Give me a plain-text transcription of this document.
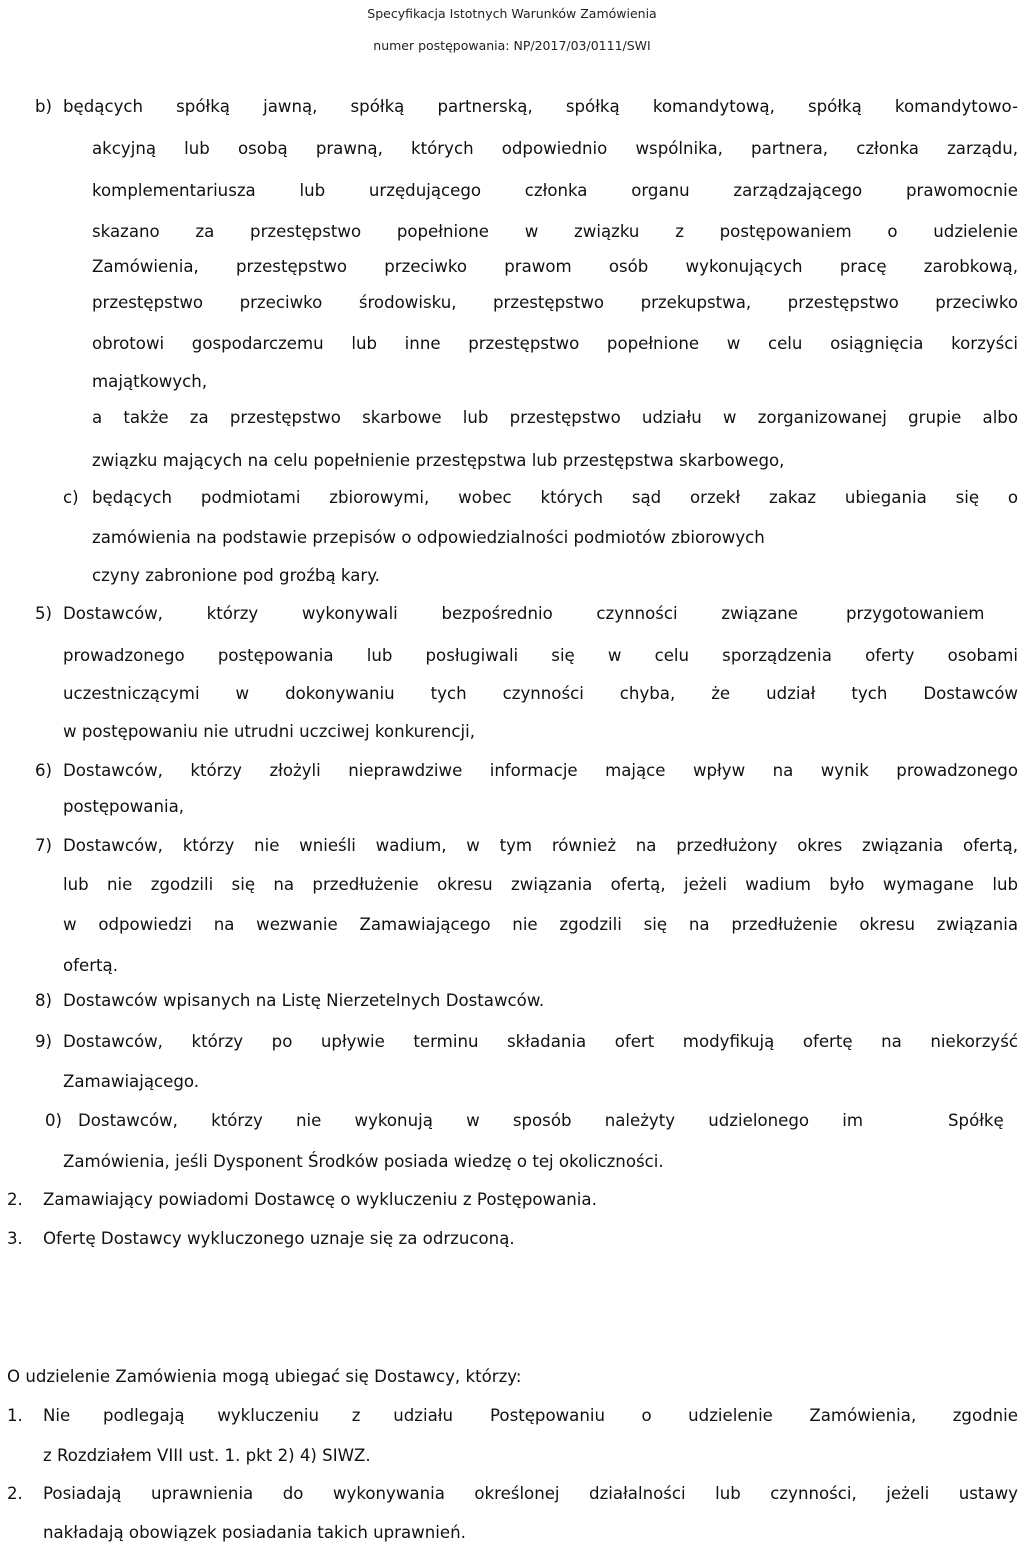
Specyfikacja Istotnych Warunków Zamówienia
numer postępowania: NP/2017/03/0111/SWI
b) będących spółką jawną, spółką partnerską, spółką komandytową, spółką komandytowo-
akcyjną lub osobą prawną, których odpowiednio wspólnika, partnera, członka zarządu,
komplementariusza lub urzędującego członka organu zarządzającego prawomocnie
skazano za przestępstwo popełnione w związku z postępowaniem o udzielenie
Zamówienia, przestępstwo przeciwko prawom osób wykonujących pracę zarobkową,
przestępstwo przeciwko środowisku, przestępstwo przekupstwa, przestępstwo przeciwko
obrotowi gospodarczemu lub inne przestępstwo popełnione w celu osiągnięcia korzyści
majątkowych,
a także za przestępstwo skarbowe lub przestępstwo udziału w zorganizowanej grupie albo
związku mających na celu popełnienie przestępstwa lub przestępstwa skarbowego,
c) będących podmiotami zbiorowymi, wobec których sąd orzekł zakaz ubiegania się o
zamówienia na podstawie przepisów o odpowiedzialności podmiotów zbiorowych
czyny zabronione pod groźbą kary.
5) Dostawców, którzy wykonywali bezpośrednio czynności związane	przygotowaniem
prowadzonego postępowania lub posługiwali się w celu sporządzenia oferty osobami
uczestniczącymi w dokonywaniu tych czynności chyba, że udział tych Dostawców
w postępowaniu nie utrudni uczciwej konkurencji,
6) Dostawców, którzy złożyli nieprawdziwe informacje mające wpływ na wynik prowadzonego
postępowania,
7) Dostawców, którzy nie wnieśli wadium, w tym również na przedłużony okres związania ofertą,
lub nie zgodzili się na przedłużenie okresu związania ofertą, jeżeli wadium było wymagane lub
w odpowiedzi na wezwanie Zamawiającego nie zgodzili się na przedłużenie okresu związania
ofertą.
8) Dostawców wpisanych na Listę Nierzetelnych Dostawców.
9) Dostawców, którzy po upływie terminu składania ofert modyfikują ofertę na niekorzyść
Zamawiającego.
0) Dostawców, którzy nie wykonują w sposób należyty udzielonego im	Spółkę
Zamówienia, jeśli Dysponent Środków posiada wiedzę o tej okoliczności.
2. Zamawiający powiadomi Dostawcę o wykluczeniu z Postępowania.
3. Ofertę Dostawcy wykluczonego uznaje się za odrzuconą.
O udzielenie Zamówienia mogą ubiegać się Dostawcy, którzy:
1. Nie podlegają wykluczeniu z udziału Postępowaniu o udzielenie Zamówienia, zgodnie
z Rozdziałem VIII ust. 1. pkt 2) 4) SIWZ.
2. Posiadają uprawnienia do wykonywania określonej działalności lub czynności, jeżeli ustawy
nakładają obowiązek posiadania takich uprawnień.
